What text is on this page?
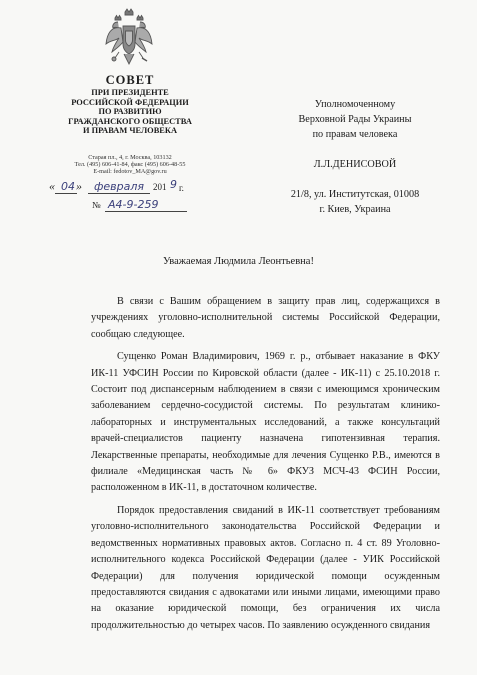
СОВЕТ
ПРИ ПРЕЗИДЕНТЕ
РОССИЙСКОЙ ФЕДЕРАЦИИ
ПО РАЗВИТИЮ
ГРАЖДАНСКОГО ОБЩЕСТВА
И ПРАВАМ ЧЕЛОВЕКА
Старая пл., 4, г. Москва, 103132
Тел. (495) 606-41-84, факс (495) 606-48-55
E-mail: fedotov_MA@gov.ru
« 04 » февраля 201 9 г.
№ А4-9-259
Уполномоченному
Верховной Рады Украины
по правам человека
Л.Л.ДЕНИСОВОЙ
21/8, ул. Институтская, 01008
г. Киев, Украина
Уважаемая Людмила Леонтьевна!

В связи с Вашим обращением в защиту прав лиц, содержащихся в учреждениях уголовно-исполнительной системы Российской Федерации, сообщаю следующее.

Сущенко Роман Владимирович, 1969 г. р., отбывает наказание в ФКУ ИК-11 УФСИН России по Кировской области (далее - ИК-11) с 25.10.2018 г. Состоит под диспансерным наблюдением в связи с имеющимся хроническим заболеванием сердечно-сосудистой системы. По результатам клинико-лабораторных и инструментальных исследований, а также консультаций врачей-специалистов пациенту назначена гипотензивная терапия. Лекарственные препараты, необходимые для лечения Сущенко Р.В., имеются в филиале «Медицинская часть № 6» ФКУЗ МСЧ-43 ФСИН России, расположенном в ИК-11, в достаточном количестве.

Порядок предоставления свиданий в ИК-11 соответствует требованиям уголовно-исполнительного законодательства Российской Федерации и ведомственных нормативных правовых актов. Согласно п. 4 ст. 89 Уголовно-исполнительного кодекса Российской Федерации (далее - УИК Российской Федерации) для получения юридической помощи осужденным предоставляются свидания с адвокатами или иными лицами, имеющими право на оказание юридической помощи, без ограничения их числа продолжительностью до четырех часов. По заявлению осужденного свидания
